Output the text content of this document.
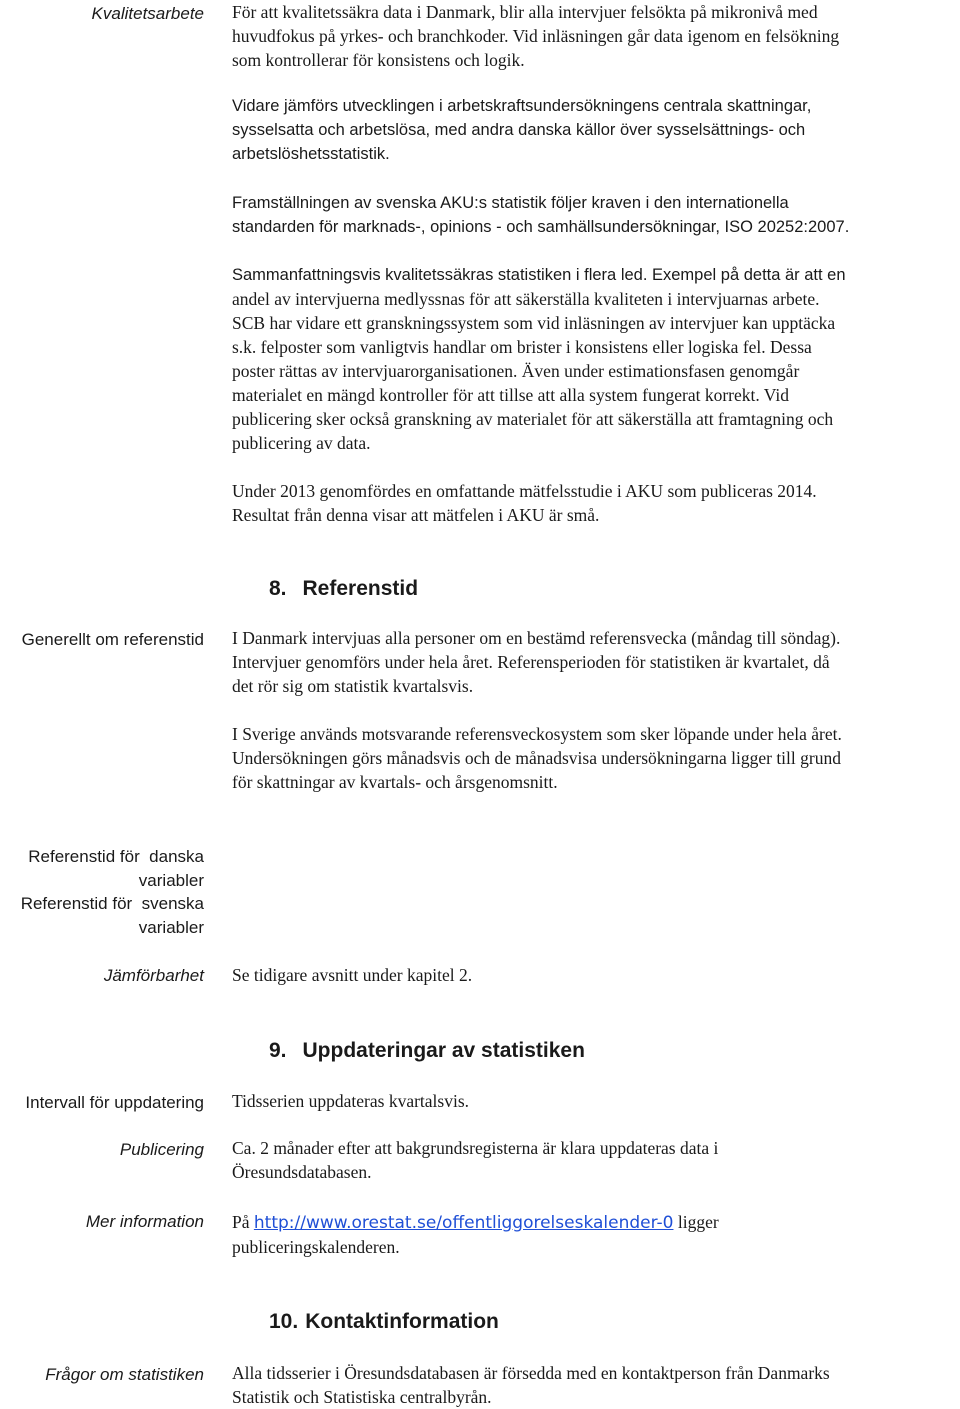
Kvalitetsarbete För att kvalitetssäkra data i Danmark, blir alla intervjuer felsökta på mikronivå med
huvudfokus på yrkes- och branchkoder. Vid inläsningen går data igenom en felsökning
som kontrollerar för konsistens och logik.
Vidare jämförs utvecklingen i arbetskraftsundersökningens centrala skattningar,
sysselsatta och arbetslösa, med andra danska källor över sysselsättnings- och
arbetslöshetsstatistik.
Framställningen av svenska AKU:s statistik följer kraven i den internationella
standarden för marknads-, opinions - och samhällsundersökningar, ISO 20252:2007.
Sammanfattningsvis kvalitetssäkras statistiken i flera led. Exempel på detta är att en
andel av intervjuerna medlyssnas för att säkerställa kvaliteten i intervjuarnas arbete.
SCB har vidare ett granskningssystem som vid inläsningen av intervjuer kan upptäcka
s.k. felposter som vanligtvis handlar om brister i konsistens eller logiska fel. Dessa
poster rättas av intervjuarorganisationen. Även under estimationsfasen genomgår
materialet en mängd kontroller för att tillse att alla system fungerat korrekt. Vid
publicering sker också granskning av materialet för att säkerställa att framtagning och
publicering av data.
Under 2013 genomfördes en omfattande mätfelsstudie i AKU som publiceras 2014.
Resultat från denna visar att mätfelen i AKU är små.
8. Referenstid
Generellt om referenstid I Danmark intervjuas alla personer om en bestämd referensvecka (måndag till söndag).
Intervjuer genomförs under hela året. Referensperioden för statistiken är kvartalet, då
det rör sig om statistik kvartalsvis.
I Sverige används motsvarande referensveckosystem som sker löpande under hela året.
Undersökningen görs månadsvis och de månadsvisa undersökningarna ligger till grund
för skattningar av kvartals- och årsgenomsnitt.
Referenstid för  danska
variabler
Referenstid för  svenska
variabler
Jämförbarhet Se tidigare avsnitt under kapitel 2.
9. Uppdateringar av statistiken
Intervall för uppdatering Tidsserien uppdateras kvartalsvis.
Publicering Ca. 2 månader efter att bakgrundsregisterna är klara uppdateras data i
Öresundsdatabasen.
Mer information På http://www.orestat.se/offentliggorelseskalender-0 ligger
publiceringskalenderen.
10. Kontaktinformation
Frågor om statistiken Alla tidsserier i Öresundsdatabasen är försedda med en kontaktperson från Danmarks
Statistik och Statistiska centralbyrån.
